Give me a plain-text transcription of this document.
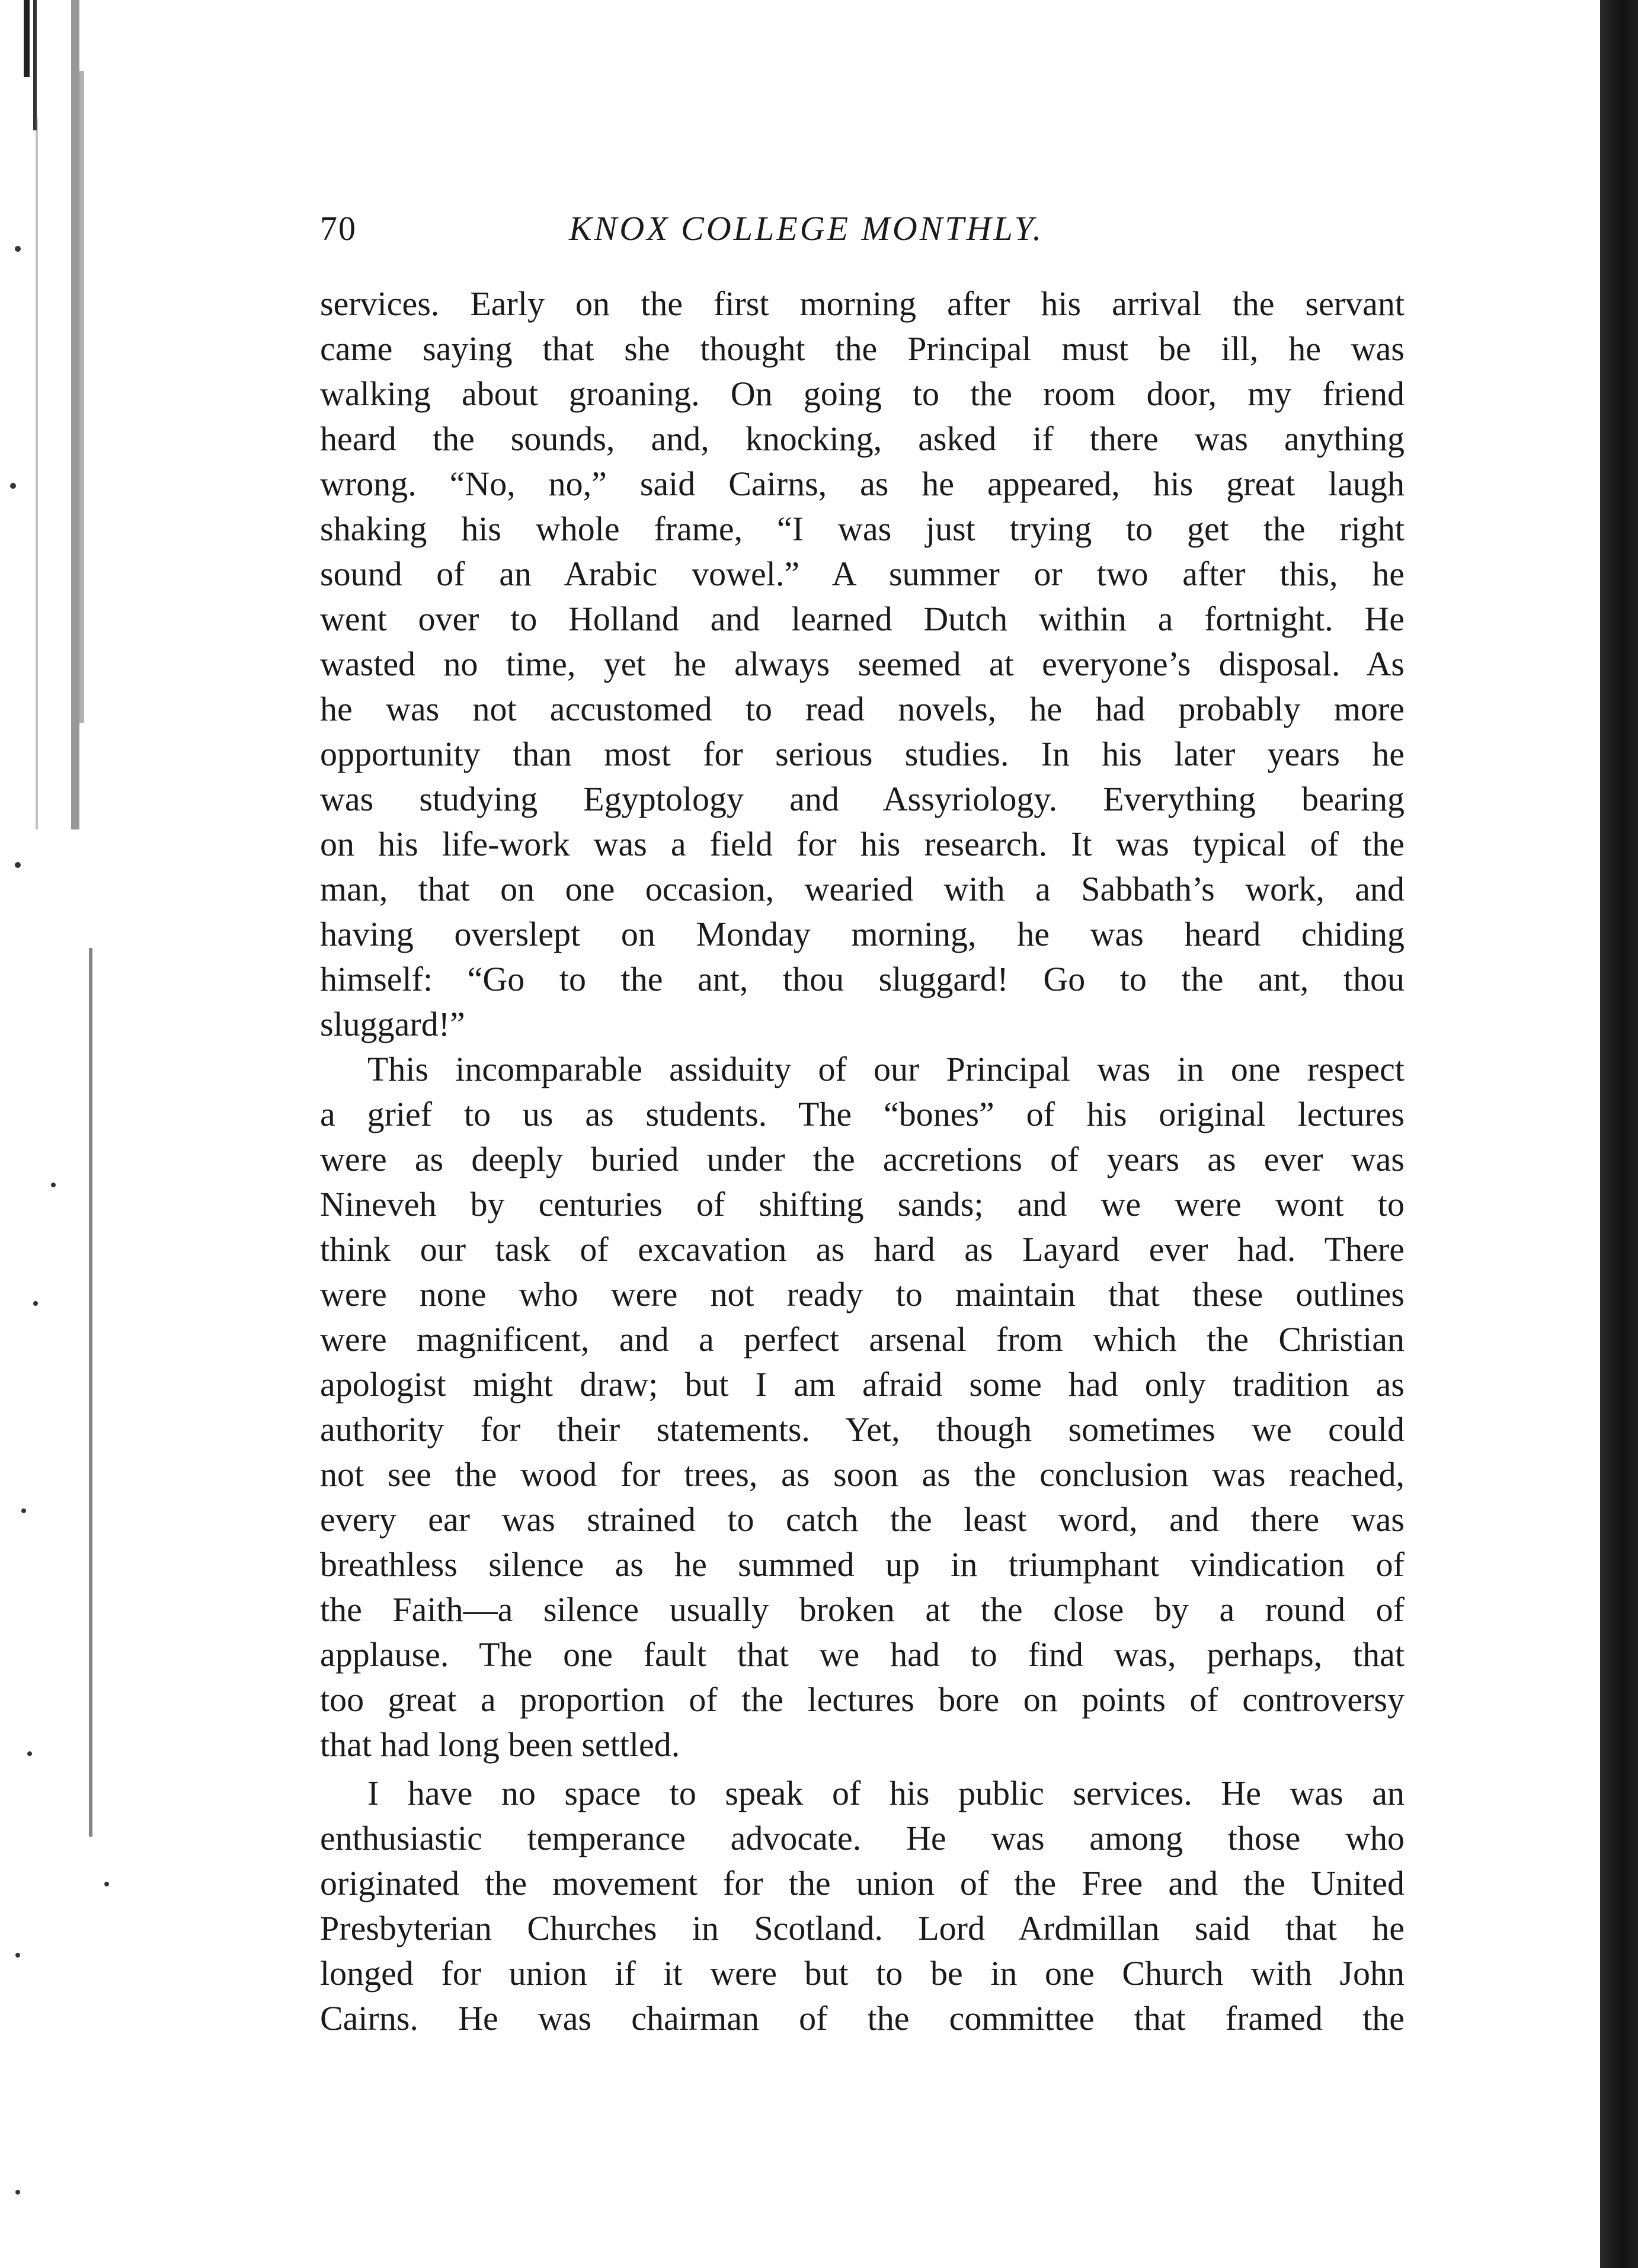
70	KNOX COLLEGE MONTHLY.
services. Early on the first morning after his arrival the servant
came saying that she thought the Principal must be ill, he was
walking about groaning. On going to the room door, my friend
heard the sounds, and, knocking, asked if there was anything
wrong. “No, no,” said Cairns, as he appeared, his great laugh
shaking his whole frame, “I was just trying to get the right
sound of an Arabic vowel.” A summer or two after this, he
went over to Holland and learned Dutch within a fortnight. He
wasted no time, yet he always seemed at everyone’s disposal. As
he was not accustomed to read novels, he had probably more
opportunity than most for serious studies. In his later years he
was studying Egyptology and Assyriology. Everything bearing
on his life-work was a field for his research. It was typical of the
man, that on one occasion, wearied with a Sabbath’s work, and
having overslept on Monday morning, he was heard chiding
himself: “Go to the ant, thou sluggard! Go to the ant, thou
sluggard!”
This incomparable assiduity of our Principal was in one respect
a grief to us as students. The “bones” of his original lectures
were as deeply buried under the accretions of years as ever was
Nineveh by centuries of shifting sands; and we were wont to
think our task of excavation as hard as Layard ever had. There
were none who were not ready to maintain that these outlines
were magnificent, and a perfect arsenal from which the Christian
apologist might draw; but I am afraid some had only tradition as
authority for their statements. Yet, though sometimes we could
not see the wood for trees, as soon as the conclusion was reached,
every ear was strained to catch the least word, and there was
breathless silence as he summed up in triumphant vindication of
the Faith—a silence usually broken at the close by a round of
applause. The one fault that we had to find was, perhaps, that
too great a proportion of the lectures bore on points of controversy
that had long been settled.
I have no space to speak of his public services. He was an
enthusiastic temperance advocate. He was among those who
originated the movement for the union of the Free and the United
Presbyterian Churches in Scotland. Lord Ardmillan said that he
longed for union if it were but to be in one Church with John
Cairns. He was chairman of the committee that framed the
